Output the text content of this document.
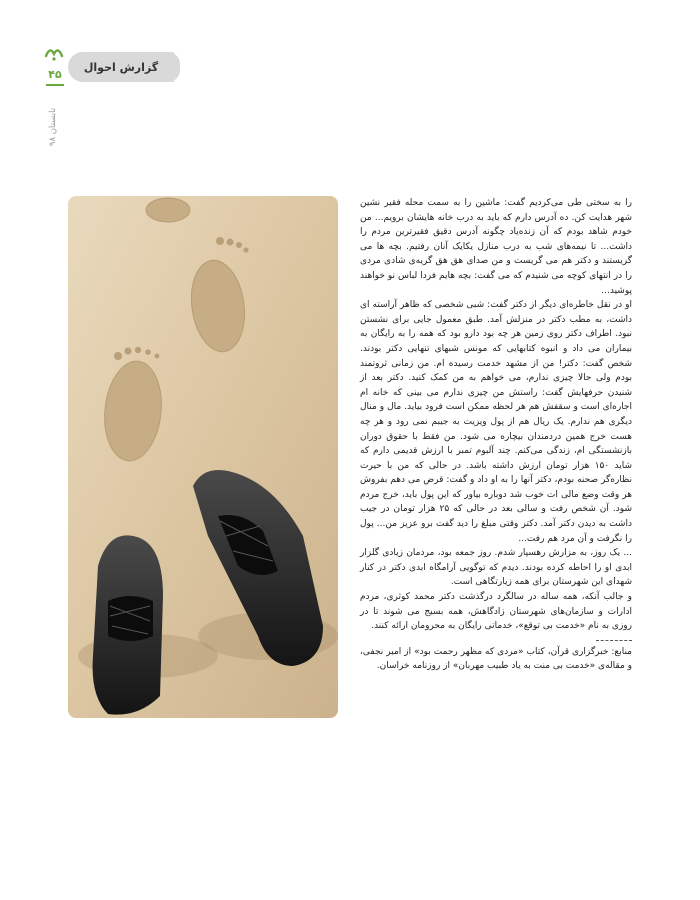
۴۵
تابستان ۹۸
گزارش احوال

را به سختی طی می‌کردیم گفت: ماشین را به سمت محله فقیر نشین شهر هدایت کن. ده آدرس دارم که باید به درب خانه هایشان برویم... من خودم شاهد بودم که آن زنده‌یاد چگونه آدرس دقیق فقیرترین مردم را داشت... تا نیمه‌های شب به درب منازل یکایک آنان رفتیم. بچه ها می گریستند و دکتر هم می گریست و من صدای هق هق گریه‌ی شادی مردی را در انتهای کوچه می شنیدم که می گفت: بچه هایم فردا لباس نو خواهند پوشید...

او در نقل خاطره‌ای دیگر از دکتر گفت: شبی شخصی که ظاهر آراسته ای داشت، به مطب دکتر در منزلش آمد. طبق معمول جایی برای نشستن نبود. اطراف دکتر روی زمین هر چه بود دارو بود که همه را به رایگان به بیماران می داد و انبوه کتابهایی که مونس شبهای تنهایی دکتر بودند. شخص گفت: دکتر! من از مشهد خدمت رسیده ام. من زمانی ثروتمند بودم ولی حالا چیزی ندارم، می خواهم به من کمک کنید. دکتر بعد از شنیدن حرفهایش گفت: راستش من چیزی ندارم می بینی که خانه ام اجاره‌ای است و سقفش هم هر لحظه ممکن است فرود بیاید. مال و منال دیگری هم ندارم. یک ریال هم از پول ویزیت به جیبم نمی رود و هر چه هست خرج همین دردمندان بیچاره می شود. من فقط با حقوق دوران بازنشستگی ام، زندگی می‌کنم. چند آلبوم تمبر با ارزش قدیمی دارم که شاید ۱۵۰ هزار تومان ارزش داشته باشد. در حالی که من با حیرت نظاره‌گر صحنه بودم، دکتر آنها را به او داد و گفت: قرض می دهم بفروش هر وقت وضع مالی ات خوب شد دوباره بیاور که این پول باید، خرج مردم شود. آن شخص رفت و سالی بعد در حالی که ۲۵ هزار تومان در جیب داشت به دیدن دکتر آمد. دکتر وقتی مبلغ را دید گفت برو عزیز من... پول را نگرفت و آن مرد هم رفت...

... یک روز، به مزارش رهسپار شدم. روز جمعه بود، مردمان زیادی گلزار ابدی او را احاطه کرده بودند. دیدم که توگویی آرامگاه ابدی دکتر در کنار شهدای این شهرستان برای همه زیارتگاهی است.

و جالب آنکه، همه ساله در سالگرد درگذشت دکتر محمد کوثری، مردم ادارات و سازمان‌های شهرستان زادگاهش، همه بسیج می شوند تا در روزی به نام «خدمت بی توقع»، خدماتی رایگان به محرومان ارائه کنند.

منابع: خبرگزاری قرآن، کتاب «مردی که مظهر رحمت بود» از امیر نجفی، و مقاله‌ی «خدمت بی منت به یاد طبیب مهربان» از روزنامه خراسان.
